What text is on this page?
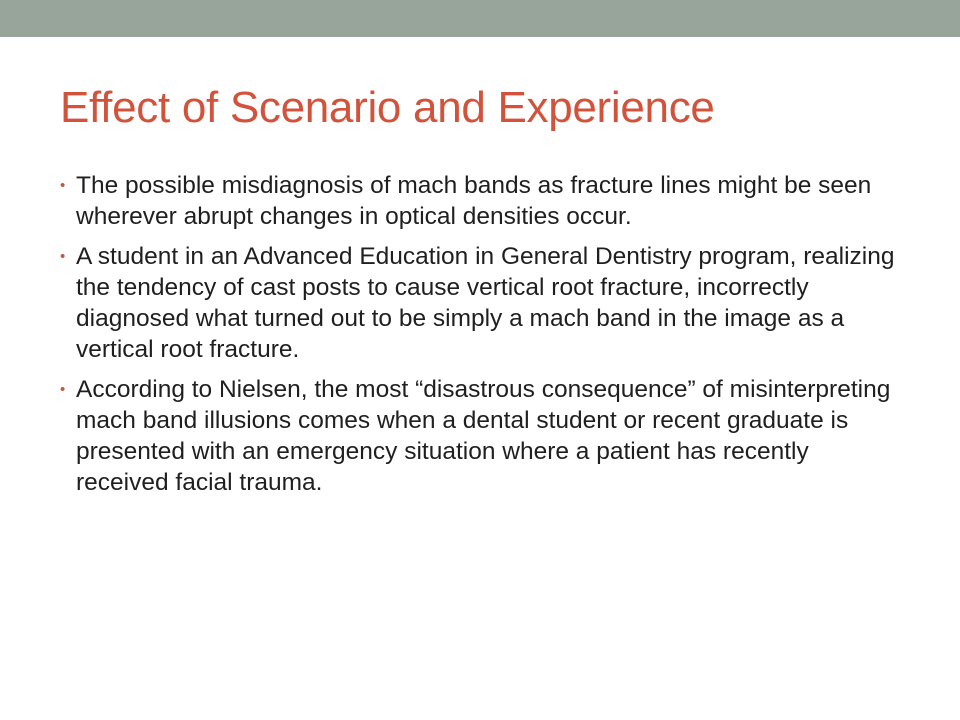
Effect of Scenario and Experience
• The possible misdiagnosis of mach bands as fracture lines might be seen wherever abrupt changes in optical densities occur.
• A student in an Advanced Education in General Dentistry program, realizing the tendency of cast posts to cause vertical root fracture, incorrectly diagnosed what turned out to be simply a mach band in the image as a vertical root fracture.
• According to Nielsen, the most “disastrous consequence” of misinterpreting mach band illusions comes when a dental student or recent graduate is presented with an emergency situation where a patient has recently received facial trauma.
